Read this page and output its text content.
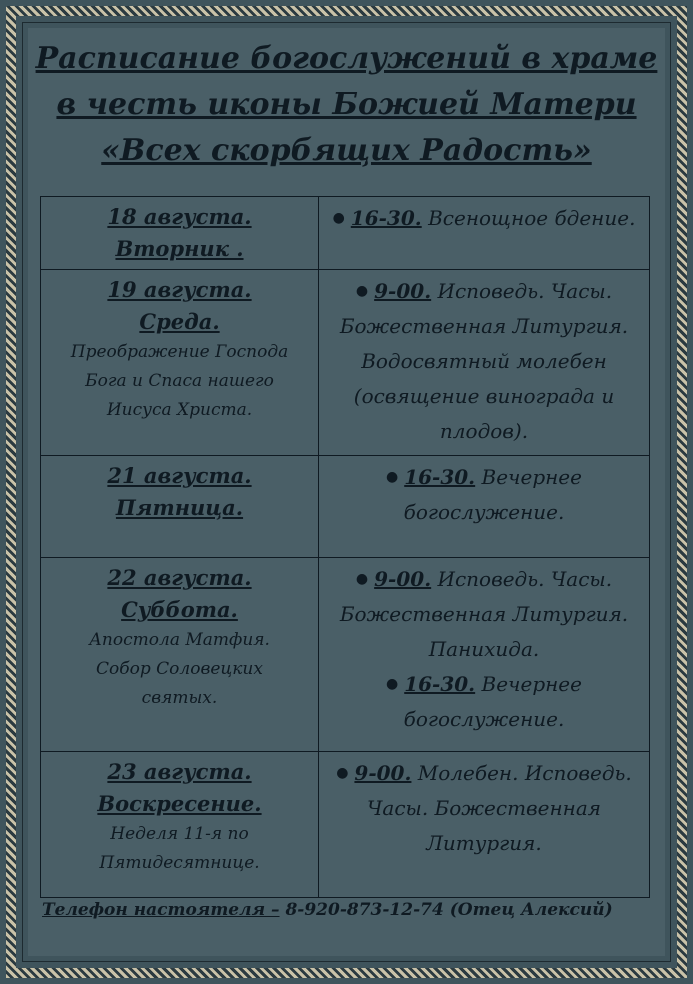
Расписание богослужений в храме
в честь иконы Божией Матери
«Всех скорбящих Радость»
18 августа.
Вторник .	● 16-30. Всенощное бдение.

19 августа.
Среда.
Преображение Господа
Бога и Спаса нашего
Иисуса Христа.	● 9-00. Исповедь. Часы. Божественная Литургия. Водосвятный молебен (освящение винограда и плодов).

21 августа.
Пятница.	● 16-30. Вечернее богослужение.

22 августа.
Суббота.
Апостола Матфия.
Собор Соловецких
святых.	● 9-00. Исповедь. Часы. Божественная Литургия. Панихида.
● 16-30. Вечернее богослужение.

23 августа.
Воскресение.
Неделя 11-я по
Пятидесятнице.	● 9-00. Молебен. Исповедь. Часы. Божественная Литургия.
Телефон настоятеля – 8-920-873-12-74 (Отец Алексий)
